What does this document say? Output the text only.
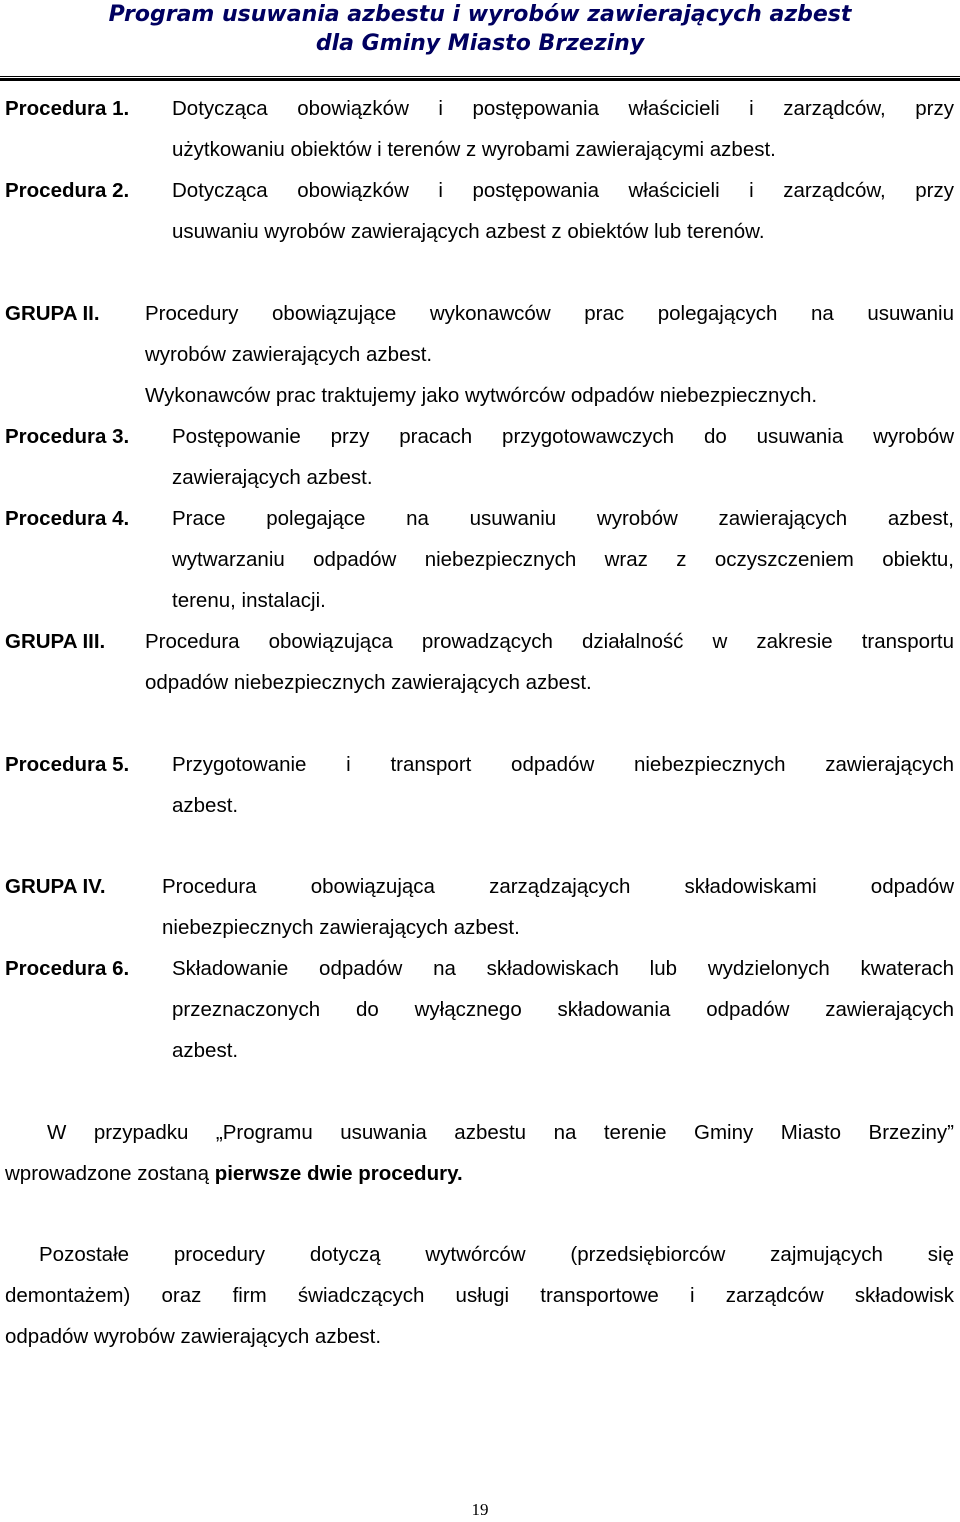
Program usuwania azbestu i wyrobów zawierających azbest
dla Gminy Miasto Brzeziny
Procedura 1. Dotycząca obowiązków i postępowania właścicieli i zarządców, przy
użytkowaniu obiektów i terenów z wyrobami zawierającymi azbest.
Procedura 2. Dotycząca obowiązków i postępowania właścicieli i zarządców, przy
usuwaniu wyrobów zawierających azbest z obiektów lub terenów.
GRUPA II. Procedury obowiązujące wykonawców prac polegających na usuwaniu
wyrobów zawierających azbest.
Wykonawców prac traktujemy jako wytwórców odpadów niebezpiecznych.
Procedura 3. Postępowanie przy pracach przygotowawczych do usuwania wyrobów
zawierających azbest.
Procedura 4. Prace polegające na usuwaniu wyrobów zawierających azbest,
wytwarzaniu odpadów niebezpiecznych wraz z oczyszczeniem obiektu,
terenu, instalacji.
GRUPA III. Procedura obowiązująca prowadzących działalność w zakresie transportu
odpadów niebezpiecznych zawierających azbest.
Procedura 5. Przygotowanie i transport odpadów niebezpiecznych zawierających
azbest.
GRUPA IV.	Procedura obowiązująca zarządzających składowiskami odpadów
niebezpiecznych zawierających azbest.
Procedura 6. Składowanie odpadów na składowiskach lub wydzielonych kwaterach
przeznaczonych do wyłącznego składowania odpadów zawierających
azbest.
W przypadku „Programu usuwania azbestu na terenie Gminy Miasto Brzeziny”
wprowadzone zostaną pierwsze dwie procedury.
Pozostałe procedury dotyczą wytwórców (przedsiębiorców zajmujących się
demontażem) oraz firm świadczących usługi transportowe i zarządców składowisk
odpadów wyrobów zawierających azbest.
19
